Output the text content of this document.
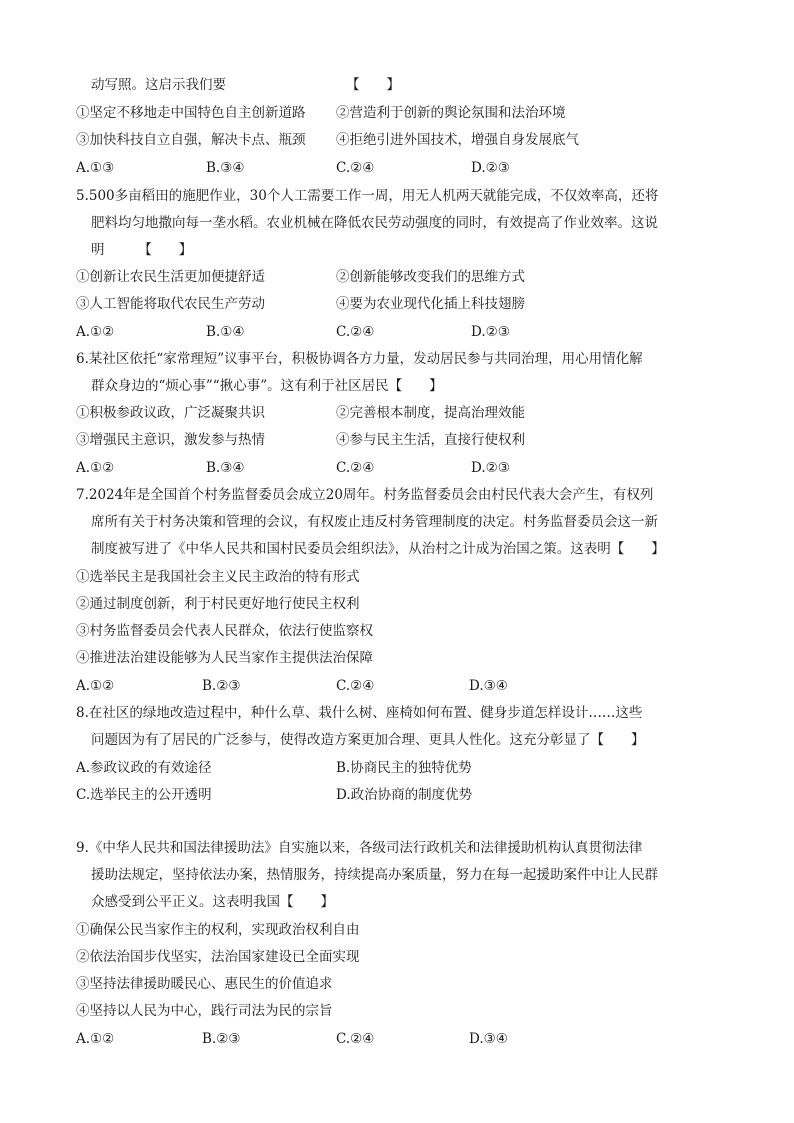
动写照。这启示我们要	【　　】
①坚定不移地走中国特色自主创新道路 ②营造利于创新的舆论氛围和法治环境
③加快科技自立自强，解决卡点、瓶颈 ④拒绝引进外国技术，增强自身发展底气
A.①③	B.③④	C.②④	D.②③
5.500多亩稻田的施肥作业，30个人工需要工作一周，用无人机两天就能完成，不仅效率高，还将
肥料均匀地撒向每一垄水稻。农业机械在降低农民劳动强度的同时，有效提高了作业效率。这说
明　　　【　　】
①创新让农民生活更加便捷舒适	②创新能够改变我们的思维方式
③人工智能将取代农民生产劳动	④要为农业现代化插上科技翅膀
A.①②	B.①④	C.②④	D.②③
6.某社区依托“家常理短”议事平台，积极协调各方力量，发动居民参与共同治理，用心用情化解
群众身边的“烦心事”“揪心事”。这有利于社区居民【　　】
①积极参政议政，广泛凝聚共识	②完善根本制度，提高治理效能
③增强民主意识，激发参与热情	④参与民主生活，直接行使权利
A.①②	B.③④	C.②④	D.②③
7.2024年是全国首个村务监督委员会成立20周年。村务监督委员会由村民代表大会产生，有权列
席所有关于村务决策和管理的会议，有权废止违反村务管理制度的决定。村务监督委员会这一新
制度被写进了《中华人民共和国村民委员会组织法》，从治村之计成为治国之策。这表明【　　】
①选举民主是我国社会主义民主政治的特有形式
②通过制度创新，利于村民更好地行使民主权利
③村务监督委员会代表人民群众，依法行使监察权
④推进法治建设能够为人民当家作主提供法治保障
A.①②	B.②③	C.②④	D.③④
8.在社区的绿地改造过程中，种什么草、栽什么树、座椅如何布置、健身步道怎样设计……这些
问题因为有了居民的广泛参与，使得改造方案更加合理、更具人性化。这充分彰显了【　　】
A.参政议政的有效途径	B.协商民主的独特优势
C.选举民主的公开透明	D.政治协商的制度优势
9.《中华人民共和国法律援助法》自实施以来，各级司法行政机关和法律援助机构认真贯彻法律
援助法规定，坚持依法办案，热情服务，持续提高办案质量，努力在每一起援助案件中让人民群
众感受到公平正义。这表明我国【　　】
①确保公民当家作主的权利，实现政治权利自由
②依法治国步伐坚实，法治国家建设已全面实现
③坚持法律援助暖民心、惠民生的价值追求
④坚持以人民为中心，践行司法为民的宗旨
A.①②	B.②③	C.②④	D.③④
